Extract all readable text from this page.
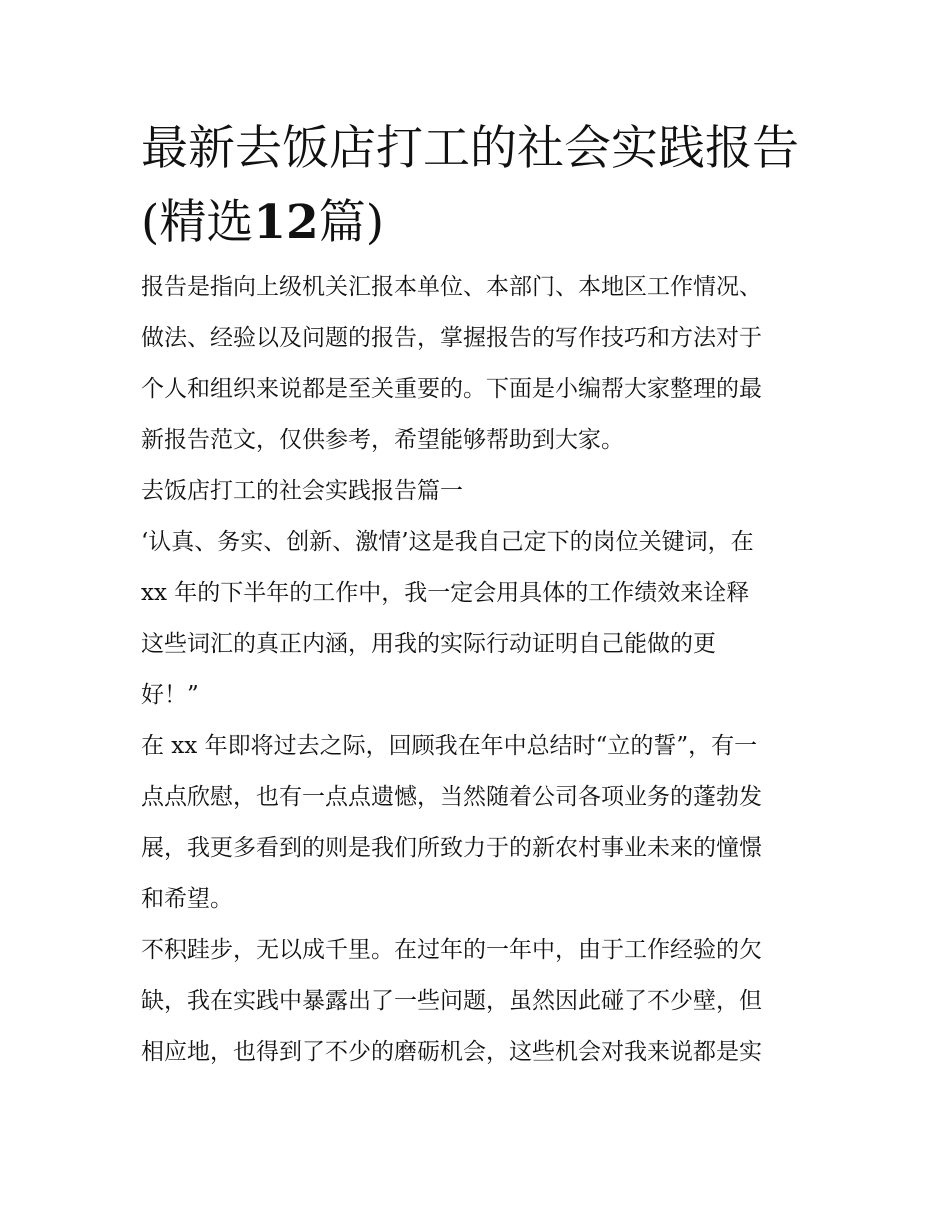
最新去饭店打工的社会实践报告(精选12篇)
报告是指向上级机关汇报本单位、本部门、本地区工作情况、
做法、经验以及问题的报告，掌握报告的写作技巧和方法对于
个人和组织来说都是至关重要的。下面是小编帮大家整理的最
新报告范文，仅供参考，希望能够帮助到大家。
去饭店打工的社会实践报告篇一
‘认真、务实、创新、激情’这是我自己定下的岗位关键词，在
xx 年的下半年的工作中，我一定会用具体的工作绩效来诠释
这些词汇的真正内涵，用我的实际行动证明自己能做的更
好！”
在 xx 年即将过去之际，回顾我在年中总结时“立的誓”，有一
点点欣慰，也有一点点遗憾，当然随着公司各项业务的蓬勃发
展，我更多看到的则是我们所致力于的新农村事业未来的憧憬
和希望。
不积跬步，无以成千里。在过年的一年中，由于工作经验的欠
缺，我在实践中暴露出了一些问题，虽然因此碰了不少壁，但
相应地，也得到了不少的磨砺机会，这些机会对我来说都是实
